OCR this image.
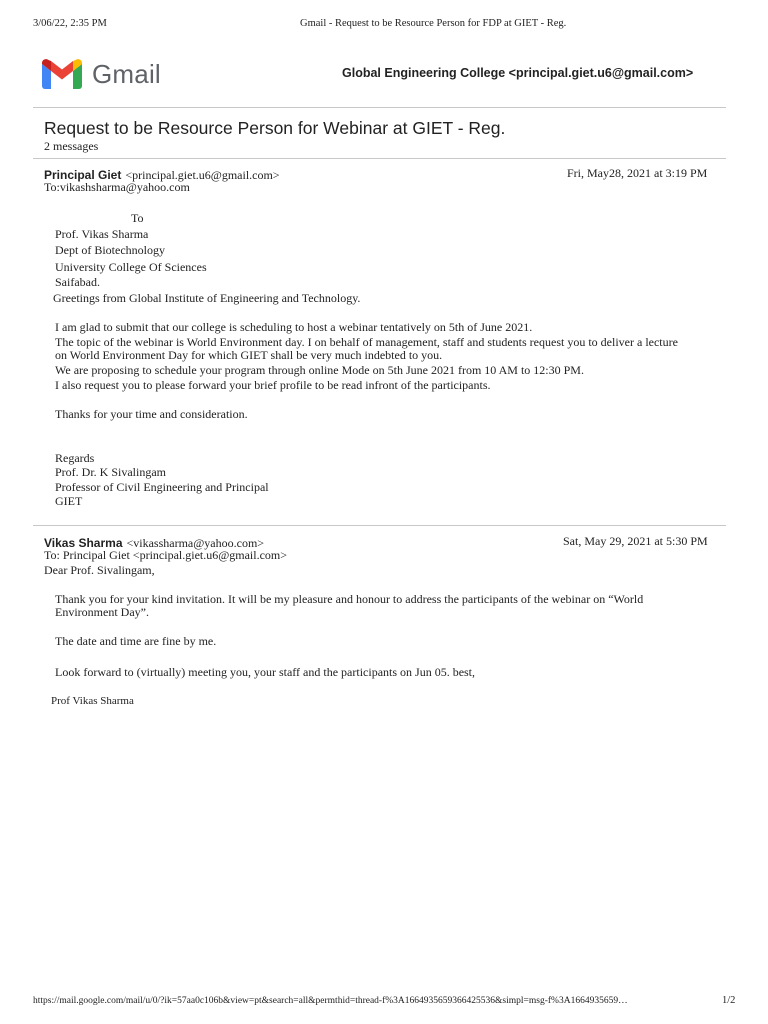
3/06/22, 2:35 PM	Gmail - Request to be Resource Person for FDP at GIET - Reg.
Gmail	Global Engineering College <principal.giet.u6@gmail.com>
Request to be Resource Person for Webinar at GIET - Reg.
2 messages
Principal Giet <principal.giet.u6@gmail.com>	Fri, May28, 2021 at 3:19 PM
To:vikashsharma@yahoo.com
To
Prof. Vikas Sharma
Dept of Biotechnology
University College Of Sciences
Saifabad.
Greetings from Global Institute of Engineering and Technology.
I am glad to submit that our college is scheduling to host a webinar tentatively on 5th of June 2021.
The topic of the webinar is World Environment day. I on behalf of management, staff and students request you to deliver a lecture
on World Environment Day for which GIET shall be very much indebted to you.
We are proposing to schedule your program through online Mode on 5th June 2021 from 10 AM to 12:30 PM.
I also request you to please forward your brief profile to be read infront of the participants.
Thanks for your time and consideration.
Regards
Prof. Dr. K Sivalingam
Professor of Civil Engineering and Principal
GIET
Vikas Sharma <vikassharma@yahoo.com>	Sat, May 29, 2021 at 5:30 PM
To: Principal Giet <principal.giet.u6@gmail.com>
Dear Prof. Sivalingam,
Thank you for your kind invitation. It will be my pleasure and honour to address the participants of the webinar on “World
Environment Day”.
The date and time are fine by me.
Look forward to (virtually) meeting you, your staff and the participants on Jun 05. best,
Prof Vikas Sharma
https://mail.google.com/mail/u/0/?ik=57aa0c106b&view=pt&search=all&permthid=thread-f%3A1664935659366425536&simpl=msg-f%3A1664935659…	1/2
